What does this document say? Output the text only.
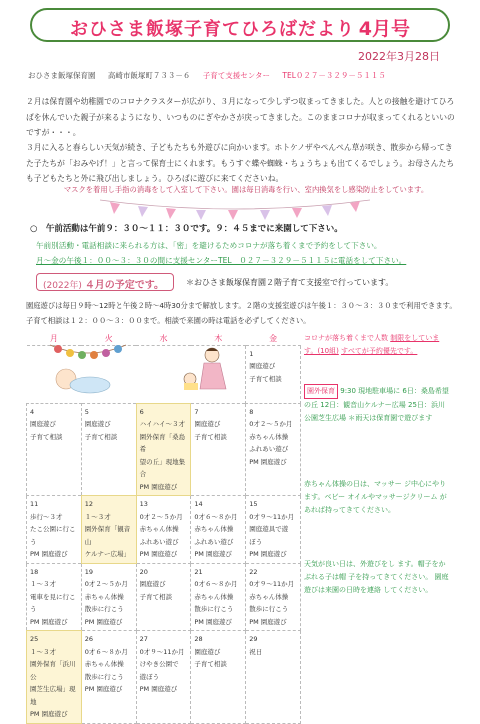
おひさま飯塚子育てひろばだより 4月号
2022年3月28日
おひさま飯塚保育園 高崎市飯塚町７３３－６ 子育て支援センター TEL０２７－３２９－５１１５
２月は保育園や幼稚園でのコロナクラスターが広がり、３月になって少しずつ収まってきました。人との接触を避けてひろばを休んでいた親子が来るようになり、いつものにぎやかさが戻ってきました。このままコロナが収まってくれるといいのですが・・・。
３月に入ると春らしい天気が続き、子どもたちも外遊びに向かいます。ホトケノザやぺんぺん草が咲き、散歩から帰ってきた子たちが「おみやげ！」と言って保育士にくれます。もうすぐ蝶や蜘蛛・ちょうちょも出てくるでしょう。お母さんたちも子どもたちと外に飛び出しましょう。ひろばに遊びに来てくださいね。
マスクを着用し手指の消毒をして入室して下さい。園は毎日消毒を行い、室内換気をし感染防止をしています。
○　午前活動は午前９：３０～１１：３０です。９：４５までに来園して下さい。
午前別活動・電話相談に来られる方は、「密」を避けるためコロナが落ち着くまで予約をして下さい。
月～金の午後１：００～３：３０の間に支援センターTEL　０２７－３２９－５１１５に電話をして下さい。
(2022年) ４月の予定です。	＊おひさま飯塚保育園２階子育て支援室で行っています。
園庭遊びは毎日９時～12時と午後２時～4時30分まで解放します。２階の支援室遊びは午後１：３０～３：３０まで利用できます。子育て相談は１２：００～３：００まで。相談で来園の時は電話を必ずしてください。
月	火	水	木	金
				1
園庭遊び
子育て相談

4
園庭遊び
子育て相談	5
園庭遊び
子育て相談	6
ハイハイ～３才
園外保育「桑島希
望の丘」現地集合
PM 園庭遊び	7
園庭遊び
子育て相談	8
0才２～５か月
赤ちゃん体操
ふれあい遊び
PM 園庭遊び

11
歩行～３才
たこ公園に行こう
PM 園庭遊び	12
１～３才
園外保育「観音山
ケルナー広場」	13
0才２～５か月
赤ちゃん体操
ふれあい遊び
PM 園庭遊び	14
0才６～８か月
赤ちゃん体操
ふれあい遊び
PM 園庭遊び	15
0才９～11か月
園庭遊具で遊
ぼう
PM 園庭遊び

18
１～３才
電車を見に行こう
PM 園庭遊び	19
0才２～５か月
赤ちゃん体操
散歩に行こう
PM 園庭遊び	20
園庭遊び
子育て相談	21
0才６～８か月
赤ちゃん体操
散歩に行こう
PM 園庭遊び	22
0才９～11か月
赤ちゃん体操
散歩に行こう
PM 園庭遊び

25
１～３才
園外保育「浜川公
園芝生広場」現地
PM 園庭遊び	26
0才６～８か月
赤ちゃん体操
散歩に行こう
PM 園庭遊び	27
0才９～11か月
けやき公園で
遊ぼう
PM 園庭遊び	28
園庭遊び
子育て相談	29
祝日
コロナが落ち着くまで人数 制限をしています。(10組) すべてが予約優先です。
園外保育 9:30 現地駐車場に 6日：桑島希望の丘 12日：観音山ケルナー広場 25日：浜川公園芝生広場 ＊雨天は保育園で遊びます
赤ちゃん体操の日は、マッサー ジ中心にやります。ベビー オイルやマッサージクリーム があれば持ってきてください。
天気が良い日は、外遊びをし ます。帽子をかぶれる子は帽 子を持ってきてください。 園庭遊びは来園の日時を連絡 してください。
